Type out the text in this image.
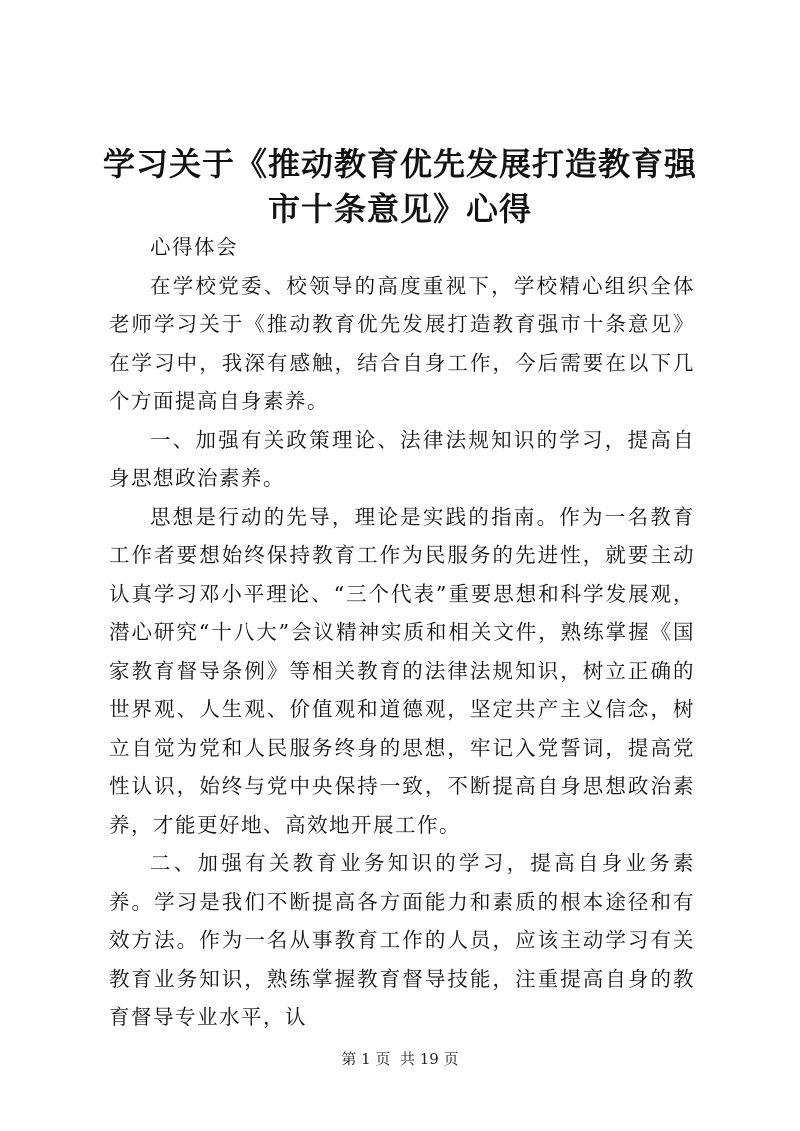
学习关于《推动教育优先发展打造教育强市十条意见》心得

心得体会

在学校党委、校领导的高度重视下，学校精心组织全体老师学习关于《推动教育优先发展打造教育强市十条意见》在学习中，我深有感触，结合自身工作，今后需要在以下几个方面提高自身素养。

一、加强有关政策理论、法律法规知识的学习，提高自身思想政治素养。

思想是行动的先导，理论是实践的指南。作为一名教育工作者要想始终保持教育工作为民服务的先进性，就要主动认真学习邓小平理论、“三个代表”重要思想和科学发展观，潜心研究“十八大”会议精神实质和相关文件，熟练掌握《国家教育督导条例》等相关教育的法律法规知识，树立正确的世界观、人生观、价值观和道德观，坚定共产主义信念，树立自觉为党和人民服务终身的思想，牢记入党誓词，提高党性认识，始终与党中央保持一致，不断提高自身思想政治素养，才能更好地、高效地开展工作。

二、加强有关教育业务知识的学习，提高自身业务素养。学习是我们不断提高各方面能力和素质的根本途径和有效方法。作为一名从事教育工作的人员，应该主动学习有关教育业务知识，熟练掌握教育督导技能，注重提高自身的教育督导专业水平，认

第 1 页  共 19 页
